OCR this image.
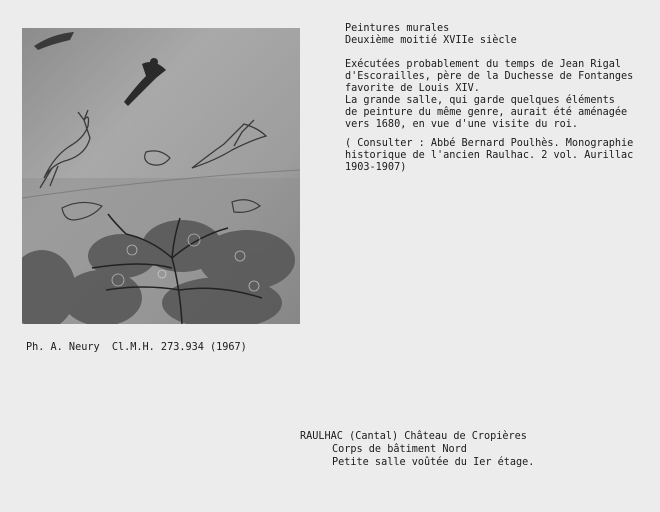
Peintures murales
Deuxième moitié XVIIe siècle
Exécutées probablement du temps de Jean Rigal
d'Escorailles, père de la Duchesse de Fontanges
favorite de Louis XIV.
La grande salle, qui garde quelques éléments
de peinture du même genre, aurait été aménagée
vers 1680, en vue d'une visite du roi.
( Consulter : Abbé Bernard Poulhès. Monographie
historique de l'ancien Raulhac. 2 vol. Aurillac
1903-1907)
Ph. A. Neury  Cl.M.H. 273.934 (1967)
RAULHAC (Cantal) Château de Cropières
Corps de bâtiment Nord
Petite salle voûtée du Ier étage.
